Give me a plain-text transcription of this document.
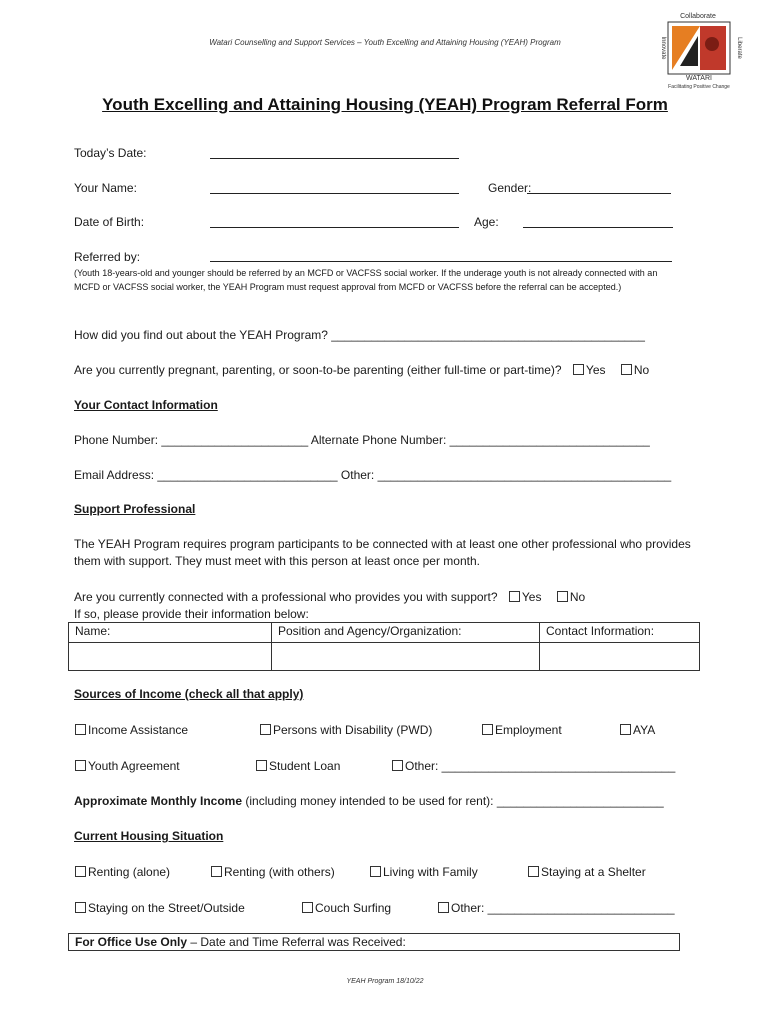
Watari Counselling and Support Services – Youth Excelling and Attaining Housing (YEAH) Program
Collaborate
Innovate	Liberate
WATARI
Facilitating Positive Change
Youth Excelling and Attaining Housing (YEAH) Program Referral Form
Today’s Date:
Your Name:	Gender:
Date of Birth:	Age:
Referred by:
(Youth 18-years-old and younger should be referred by an MCFD or VACFSS social worker. If the underage youth is not already connected with an MCFD or VACFSS social worker, the YEAH Program must request approval from MCFD or VACFSS before the referral can be accepted.)
How did you find out about the YEAH Program? _______________________________________________
Are you currently pregnant, parenting, or soon-to-be parenting (either full-time or part-time)? Yes No
Your Contact Information
Phone Number: ______________________ Alternate Phone Number: ______________________________
Email Address: ___________________________ Other: ____________________________________________
Support Professional
The YEAH Program requires program participants to be connected with at least one other professional who provides them with support. They must meet with this person at least once per month.
Are you currently connected with a professional who provides you with support? Yes No
If so, please provide their information below:
Name:	Position and Agency/Organization:	Contact Information:

Sources of Income (check all that apply)
Income Assistance	Persons with Disability (PWD)	Employment	AYA
Youth Agreement	Student Loan	Other: ___________________________________
Approximate Monthly Income (including money intended to be used for rent): _________________________
Current Housing Situation
Renting (alone)	Renting (with others)	Living with Family	Staying at a Shelter
Staying on the Street/Outside	Couch Surfing	Other: ____________________________
For Office Use Only – Date and Time Referral was Received:
YEAH Program 18/10/22
